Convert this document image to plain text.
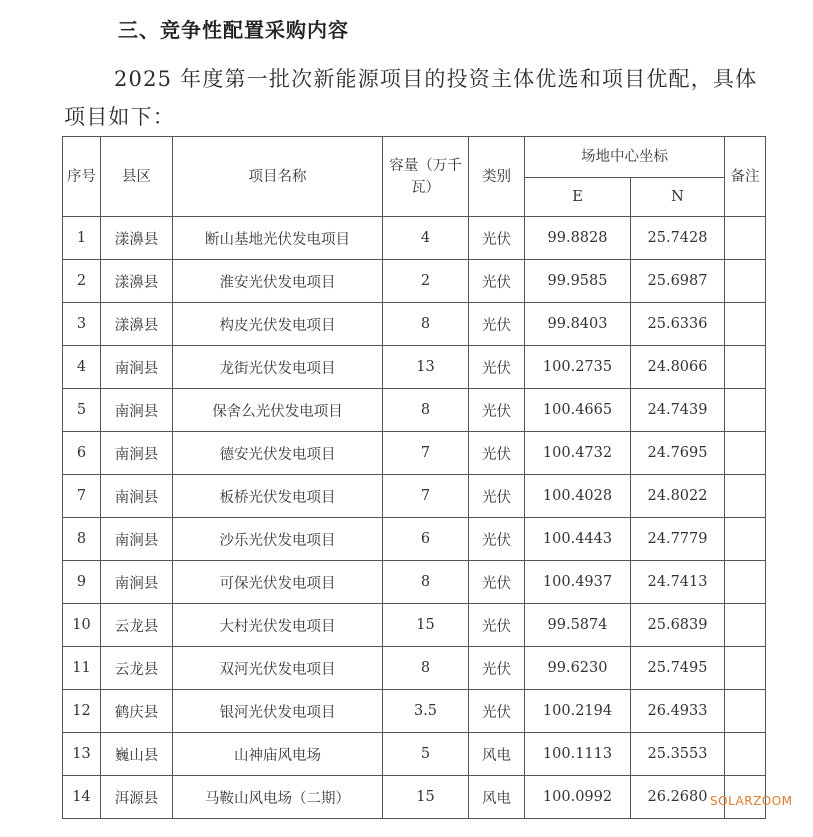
三、竞争性配置采购内容
2025 年度第一批次新能源项目的投资主体优选和项目优配，具体项目如下：
序号	县区	项目名称	容量（万千瓦）	类别	场地中心坐标		备注
					E	N	
1	漾濞县	断山基地光伏发电项目	4	光伏	99.8828	25.7428	
2	漾濞县	淮安光伏发电项目	2	光伏	99.9585	25.6987	
3	漾濞县	构皮光伏发电项目	8	光伏	99.8403	25.6336	
4	南涧县	龙街光伏发电项目	13	光伏	100.2735	24.8066	
5	南涧县	保舍么光伏发电项目	8	光伏	100.4665	24.7439	
6	南涧县	德安光伏发电项目	7	光伏	100.4732	24.7695	
7	南涧县	板桥光伏发电项目	7	光伏	100.4028	24.8022	
8	南涧县	沙乐光伏发电项目	6	光伏	100.4443	24.7779	
9	南涧县	可保光伏发电项目	8	光伏	100.4937	24.7413	
10	云龙县	大村光伏发电项目	15	光伏	99.5874	25.6839	
11	云龙县	双河光伏发电项目	8	光伏	99.6230	25.7495	
12	鹤庆县	银河光伏发电项目	3.5	光伏	100.2194	26.4933	
13	巍山县	山神庙风电场	5	风电	100.1113	25.3553	
14	洱源县	马鞍山风电场（二期）	15	风电	100.0992	26.2680	SOLARZOOM
